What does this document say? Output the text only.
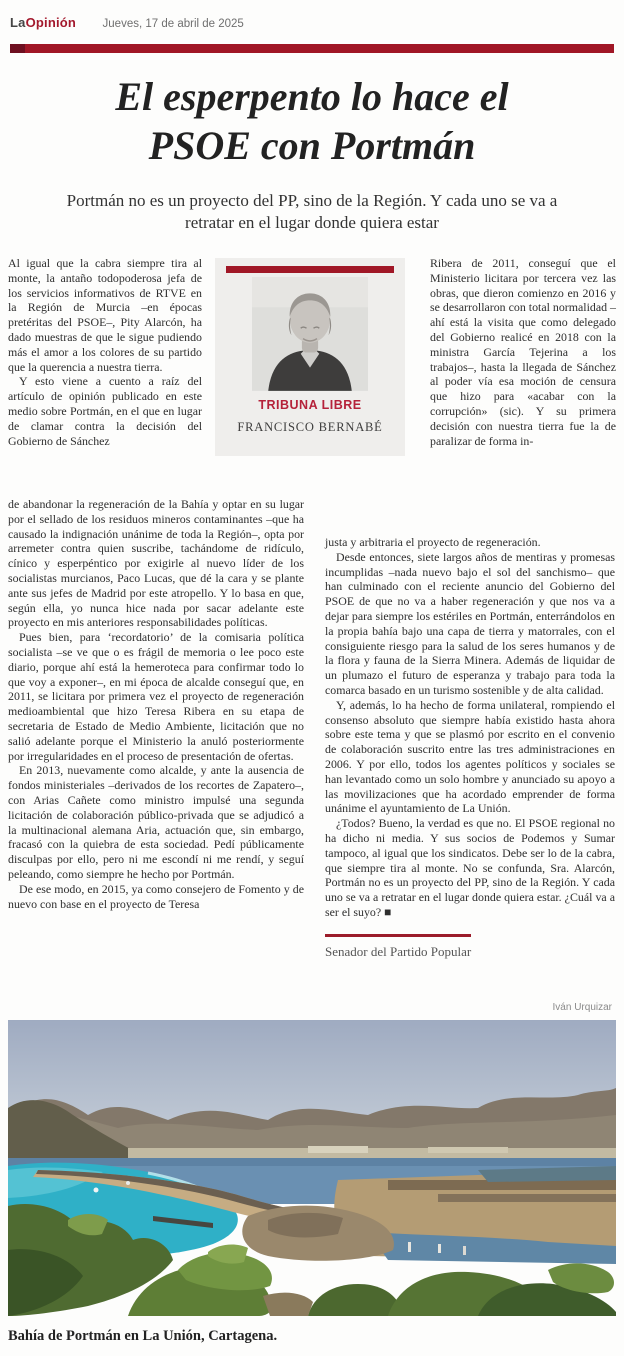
LaOpinión Jueves, 17 de abril de 2025
El esperpento lo hace el
PSOE con Portmán

Portmán no es un proyecto del PP, sino de la Región. Y cada uno se va a retratar en el lugar donde quiera estar

Al igual que la cabra siempre tira al monte, la antaño todopoderosa jefa de los servicios informativos de RTVE en la Región de Murcia –en épocas pretéritas del PSOE–, Pity Alarcón, ha dado muestras de que le sigue pudiendo más el amor a los colores de su partido que la querencia a nuestra tierra.

Y esto viene a cuento a raíz del artículo de opinión publicado en este medio sobre Portmán, en el que en lugar de clamar contra la decisión del Gobierno de Sánchez

TRIBUNA LIBRE
FRANCISCO BERNABÉ

Ribera de 2011, conseguí que el Ministerio licitara por tercera vez las obras, que dieron comienzo en 2016 y se desarrollaron con total normalidad –ahí está la visita que como delegado del Gobierno realicé en 2018 con la ministra García Tejerina a los trabajos–, hasta la llegada de Sánchez al poder vía esa moción de censura que hizo para «acabar con la corrupción» (sic). Y su primera decisión con nuestra tierra fue la de paralizar de forma in-

de abandonar la regeneración de la Bahía y optar en su lugar por el sellado de los residuos mineros contaminantes –que ha causado la indignación unánime de toda la Región–, opta por arremeter contra quien suscribe, tachándome de ridículo, cínico y esperpéntico por exigirle al nuevo líder de los socialistas murcianos, Paco Lucas, que dé la cara y se plante ante sus jefes de Madrid por este atropello. Y lo basa en que, según ella, yo nunca hice nada por sacar adelante este proyecto en mis anteriores responsabilidades políticas.

Pues bien, para ‘recordatorio’ de la comisaria política socialista –se ve que o es frágil de memoria o lee poco este diario, porque ahí está la hemeroteca para confirmar todo lo que voy a exponer–, en mi época de alcalde conseguí que, en 2011, se licitara por primera vez el proyecto de regeneración medioambiental que hizo Teresa Ribera en su etapa de secretaria de Estado de Medio Ambiente, licitación que no salió adelante porque el Ministerio la anuló posteriormente por irregularidades en el proceso de presentación de ofertas.

En 2013, nuevamente como alcalde, y ante la ausencia de fondos ministeriales –derivados de los recortes de Zapatero–, con Arias Cañete como ministro impulsé una segunda licitación de colaboración público-privada que se adjudicó a la multinacional alemana Aria, actuación que, sin embargo, fracasó con la quiebra de esta sociedad. Pedí públicamente disculpas por ello, pero ni me escondí ni me rendí, y seguí peleando, como siempre he hecho por Portmán.

De ese modo, en 2015, ya como consejero de Fomento y de nuevo con base en el proyecto de Teresa

justa y arbitraria el proyecto de regeneración.

Desde entonces, siete largos años de mentiras y promesas incumplidas –nada nuevo bajo el sol del sanchismo– que han culminado con el reciente anuncio del Gobierno del PSOE de que no va a haber regeneración y que nos va a dejar para siempre los estériles en Portmán, enterrándolos en la propia bahía bajo una capa de tierra y matorrales, con el consiguiente riesgo para la salud de los seres humanos y de la flora y fauna de la Sierra Minera. Además de liquidar de un plumazo el futuro de esperanza y trabajo para toda la comarca basado en un turismo sostenible y de alta calidad.

Y, además, lo ha hecho de forma unilateral, rompiendo el consenso absoluto que siempre había existido hasta ahora sobre este tema y que se plasmó por escrito en el convenio de colaboración suscrito entre las tres administraciones en 2006. Y por ello, todos los agentes políticos y sociales se han levantado como un solo hombre y anunciado su apoyo a las movilizaciones que ha acordado emprender de forma unánime el ayuntamiento de La Unión.

¿Todos? Bueno, la verdad es que no. El PSOE regional no ha dicho ni media. Y sus socios de Podemos y Sumar tampoco, al igual que los sindicatos. Debe ser lo de la cabra, que siempre tira al monte. No se confunda, Sra. Alarcón, Portmán no es un proyecto del PP, sino de la Región. Y cada uno se va a retratar en el lugar donde quiera estar. ¿Cuál va a ser el suyo? ■

Senador del Partido Popular
Iván Urquizar
Bahía de Portmán en La Unión, Cartagena.
